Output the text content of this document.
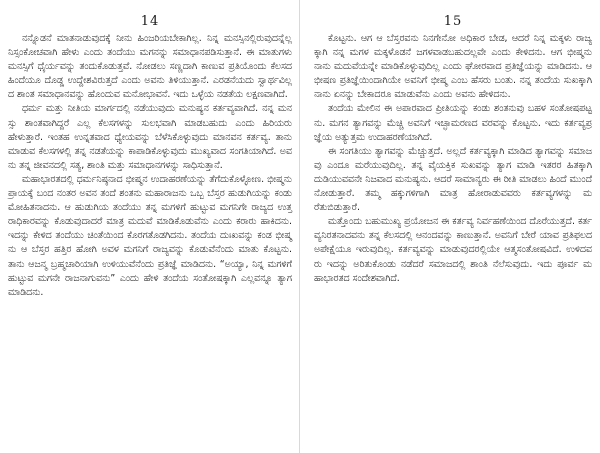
14

ನನ್ನೊಡನೆ ಮಾತನಾಡುವುದಕ್ಕೆ ನೀನು ಹಿಂಜರಿಯಬೇಕಾಗಿಲ್ಲ. ನಿನ್ನ ಮನಸ್ಸಿನಲ್ಲಿರುವುದನ್ನೆಲ್ಲ ನಿಸ್ಸಂಕೋಚವಾಗಿ ಹೇಳು ಎಂದು ತಂದೆಯು ಮಗನನ್ನು ಸಮಾಧಾನಪಡಿಸುತ್ತಾನೆ. ಈ ಮಾತುಗಳು ಮನಸ್ಸಿಗೆ ಧೈರ್ಯವನ್ನು ತಂದುಕೊಡುತ್ತವೆ. ನೋಡಲು ಸಣ್ಣದಾಗಿ ಕಾಣುವ ಪ್ರತಿಯೊಂದು ಕೆಲಸದ ಹಿಂದೆಯೂ ದೊಡ್ಡ ಉದ್ದೇಶವಿರುತ್ತದೆ ಎಂದು ಅವನು ತಿಳಿಯುತ್ತಾನೆ. ಎರಡನೆಯದು ಸ್ವಾರ್ಥವಿಲ್ಲದ ಶಾಂತ ಸಮಾಧಾನವನ್ನು ಹೊಂದುವ ಮನೋಭಾವನೆ. ಇದು ಒಳ್ಳೆಯ ನಡತೆಯ ಲಕ್ಷಣವಾಗಿದೆ.
ಧರ್ಮ ಮತ್ತು ನೀತಿಯ ಮಾರ್ಗದಲ್ಲಿ ನಡೆಯುವುದು ಮನುಷ್ಯನ ಕರ್ತವ್ಯವಾಗಿದೆ. ನನ್ನ ಮನಸ್ಸು ಶಾಂತವಾಗಿದ್ದರೆ ಎಲ್ಲ ಕೆಲಸಗಳನ್ನು ಸುಲಭವಾಗಿ ಮಾಡಬಹುದು ಎಂದು ಹಿರಿಯರು ಹೇಳುತ್ತಾರೆ. ಇಂತಹ ಉನ್ನತವಾದ ಧ್ಯೇಯವನ್ನು ಬೆಳೆಸಿಕೊಳ್ಳುವುದು ಮಾನವನ ಕರ್ತವ್ಯ. ತಾನು ಮಾಡುವ ಕೆಲಸಗಳಲ್ಲಿ ತನ್ನ ನಡತೆಯನ್ನು ಕಾಪಾಡಿಕೊಳ್ಳುವುದು ಮುಖ್ಯವಾದ ಸಂಗತಿಯಾಗಿದೆ. ಅವನು ತನ್ನ ಜೀವನದಲ್ಲಿ ಸತ್ಯ, ಶಾಂತಿ ಮತ್ತು ಸಮಾಧಾನಗಳನ್ನು ಸಾಧಿಸುತ್ತಾನೆ.
ಮಹಾಭಾರತದಲ್ಲಿ ಧರ್ಮನಿಷ್ಠನಾದ ಭೀಷ್ಮನ ಉದಾಹರಣೆಯನ್ನು ತೆಗೆದುಕೊಳ್ಳೋಣ. ಭೀಷ್ಮನು ಪ್ರಾಯಕ್ಕೆ ಬಂದ ನಂತರ ಅವನ ತಂದೆ ಶಂತನು ಮಹಾರಾಜನು ಒಬ್ಬ ಬೆಸ್ತರ ಹುಡುಗಿಯನ್ನು ಕಂಡು ಮೋಹಿತನಾದನು. ಆ ಹುಡುಗಿಯ ತಂದೆಯು ತನ್ನ ಮಗಳಿಗೆ ಹುಟ್ಟುವ ಮಗನಿಗೇ ರಾಜ್ಯದ ಉತ್ತರಾಧಿಕಾರವನ್ನು ಕೊಡುವುದಾದರೆ ಮಾತ್ರ ಮದುವೆ ಮಾಡಿಕೊಡುವೆನು ಎಂದು ಕರಾರು ಹಾಕಿದನು. ಇದನ್ನು ಕೇಳಿದ ತಂದೆಯು ಚಿಂತೆಯಿಂದ ಕೊರಗತೊಡಗಿದನು. ತಂದೆಯ ದುಃಖವನ್ನು ಕಂಡ ಭೀಷ್ಮನು ಆ ಬೆಸ್ತರ ಹತ್ತಿರ ಹೋಗಿ ಅವಳ ಮಗನಿಗೆ ರಾಜ್ಯವನ್ನು ಕೊಡುವೆನೆಂದು ಮಾತು ಕೊಟ್ಟನು. ತಾನು ಆಜನ್ಮ ಬ್ರಹ್ಮಚಾರಿಯಾಗಿ ಉಳಿಯುವೆನೆಂದು ಪ್ರತಿಜ್ಞೆ ಮಾಡಿದನು. “ಅಯ್ಯಾ, ನಿನ್ನ ಮಗಳಿಗೆ ಹುಟ್ಟುವ ಮಗನೇ ರಾಜನಾಗುವನು” ಎಂದು ಹೇಳಿ ತಂದೆಯ ಸಂತೋಷಕ್ಕಾಗಿ ಎಲ್ಲವನ್ನೂ ತ್ಯಾಗ ಮಾಡಿದನು.

15

ಕೊಟ್ಟನು. ಆಗ ಆ ಬೆಸ್ತರವನು ನಿನಗೇನೋ ಅಧಿಕಾರ ಬೇಡ, ಆದರೆ ನಿನ್ನ ಮಕ್ಕಳು ರಾಜ್ಯಕ್ಕಾಗಿ ನನ್ನ ಮಗಳ ಮಕ್ಕಳೊಡನೆ ಜಗಳವಾಡಬಹುದಲ್ಲವೇ ಎಂದು ಕೇಳಿದನು. ಆಗ ಭೀಷ್ಮನು ನಾನು ಮದುವೆಯನ್ನೇ ಮಾಡಿಕೊಳ್ಳುವುದಿಲ್ಲ ಎಂದು ಘೋರವಾದ ಪ್ರತಿಜ್ಞೆಯನ್ನು ಮಾಡಿದನು. ಆ ಭೀಷಣ ಪ್ರತಿಜ್ಞೆಯಿಂದಾಗಿಯೇ ಅವನಿಗೆ ಭೀಷ್ಮ ಎಂಬ ಹೆಸರು ಬಂತು. ನನ್ನ ತಂದೆಯ ಸುಖಕ್ಕಾಗಿ ನಾನು ಏನನ್ನು ಬೇಕಾದರೂ ಮಾಡುವೆನು ಎಂದು ಅವನು ಹೇಳಿದನು.
ತಂದೆಯ ಮೇಲಿನ ಈ ಅಪಾರವಾದ ಪ್ರೀತಿಯನ್ನು ಕಂಡು ಶಂತನುವು ಬಹಳ ಸಂತೋಷಪಟ್ಟನು. ಮಗನ ತ್ಯಾಗವನ್ನು ಮೆಚ್ಚಿ ಅವನಿಗೆ ಇಚ್ಛಾಮರಣದ ವರವನ್ನು ಕೊಟ್ಟನು. ಇದು ಕರ್ತವ್ಯಪ್ರಜ್ಞೆಯ ಅತ್ಯುತ್ತಮ ಉದಾಹರಣೆಯಾಗಿದೆ.
ಈ ಸಂಗತಿಯು ತ್ಯಾಗವನ್ನು ಮೆಚ್ಚುತ್ತದೆ. ಅಲ್ಲದೆ ಕರ್ತವ್ಯಕ್ಕಾಗಿ ಮಾಡಿದ ತ್ಯಾಗವನ್ನು ಸಮಾಜವು ಎಂದೂ ಮರೆಯುವುದಿಲ್ಲ. ತನ್ನ ವೈಯಕ್ತಿಕ ಸುಖವನ್ನು ತ್ಯಾಗ ಮಾಡಿ ಇತರರ ಹಿತಕ್ಕಾಗಿ ದುಡಿಯುವವನೇ ನಿಜವಾದ ಮನುಷ್ಯನು. ಆದರೆ ಸಾಮಾನ್ಯರು ಈ ರೀತಿ ಮಾಡಲು ಹಿಂದೆ ಮುಂದೆ ನೋಡುತ್ತಾರೆ. ತಮ್ಮ ಹಕ್ಕುಗಳಿಗಾಗಿ ಮಾತ್ರ ಹೋರಾಡುವವರು ಕರ್ತವ್ಯಗಳನ್ನು ಮರೆತುಬಿಡುತ್ತಾರೆ.
ಮತ್ತೊಂದು ಬಹುಮುಖ್ಯ ಪ್ರಯೋಜನ ಈ ಕರ್ತವ್ಯ ನಿರ್ವಹಣೆಯಿಂದ ದೊರೆಯುತ್ತದೆ. ಕರ್ತವ್ಯನಿರತನಾದವನು ತನ್ನ ಕೆಲಸದಲ್ಲಿ ಆನಂದವನ್ನು ಕಾಣುತ್ತಾನೆ. ಅವನಿಗೆ ಬೇರೆ ಯಾವ ಪ್ರತಿಫಲದ ಅಪೇಕ್ಷೆಯೂ ಇರುವುದಿಲ್ಲ. ಕರ್ತವ್ಯವನ್ನು ಮಾಡುವುದರಲ್ಲಿಯೇ ಆತ್ಮಸಂತೋಷವಿದೆ. ಉಳಿದವರು ಇದನ್ನು ಅರಿತುಕೊಂಡು ನಡೆದರೆ ಸಮಾಜದಲ್ಲಿ ಶಾಂತಿ ನೆಲೆಸುವುದು. ಇದು ಪೂರ್ವ ಮಹಾಭಾರತದ ಸಂದೇಶವಾಗಿದೆ.
